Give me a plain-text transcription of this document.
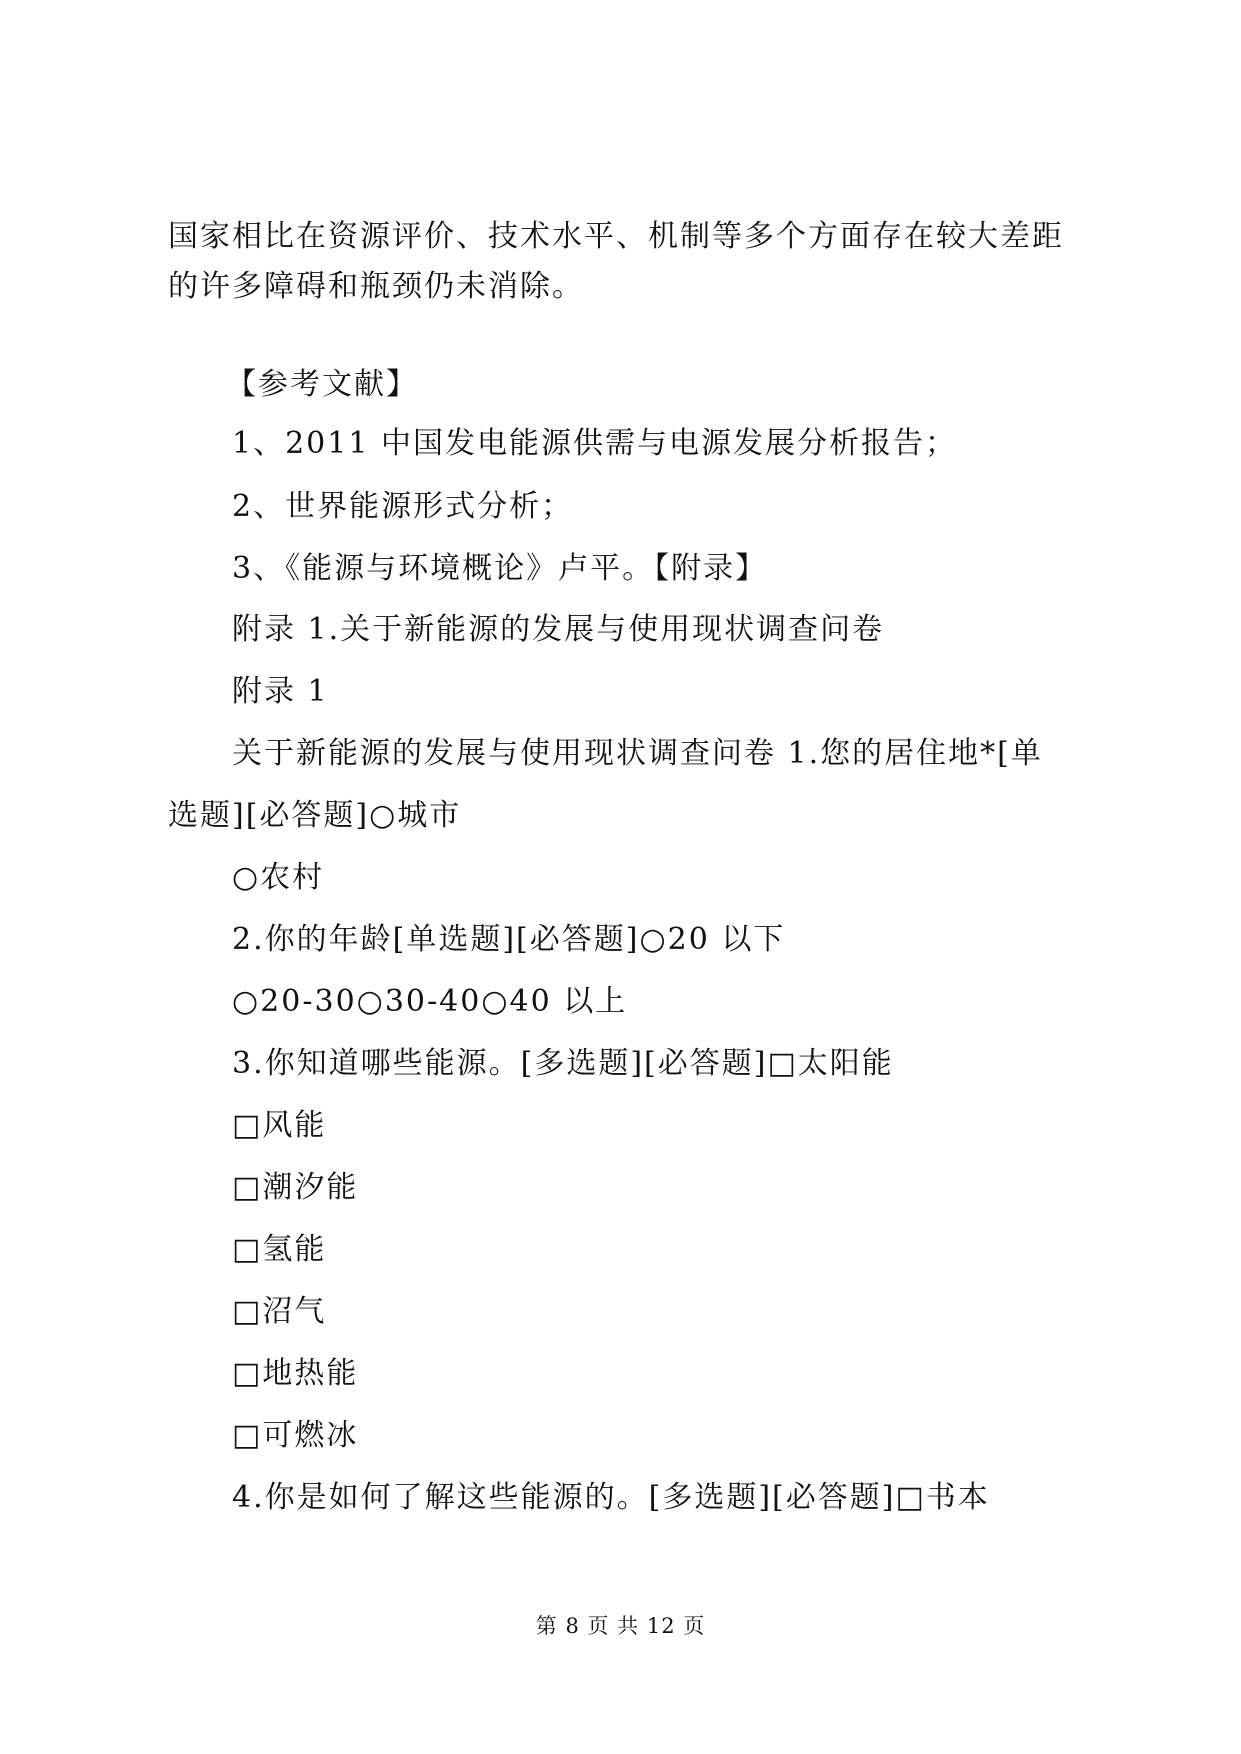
国家相比在资源评价、技术水平、机制等多个方面存在较大差距
的许多障碍和瓶颈仍未消除。
【参考文献】
1、2011 中国发电能源供需与电源发展分析报告；
2、世界能源形式分析；
3、《能源与环境概论》卢平。【附录】
附录 1.关于新能源的发展与使用现状调查问卷
附录 1
关于新能源的发展与使用现状调查问卷 1.您的居住地*[单
选题][必答题]○城市
○农村
2.你的年龄[单选题][必答题]○20 以下
○20-30○30-40○40 以上
3.你知道哪些能源。[多选题][必答题]□太阳能
□风能
□潮汐能
□氢能
□沼气
□地热能
□可燃冰
4.你是如何了解这些能源的。[多选题][必答题]□书本
第 8 页 共 12 页
